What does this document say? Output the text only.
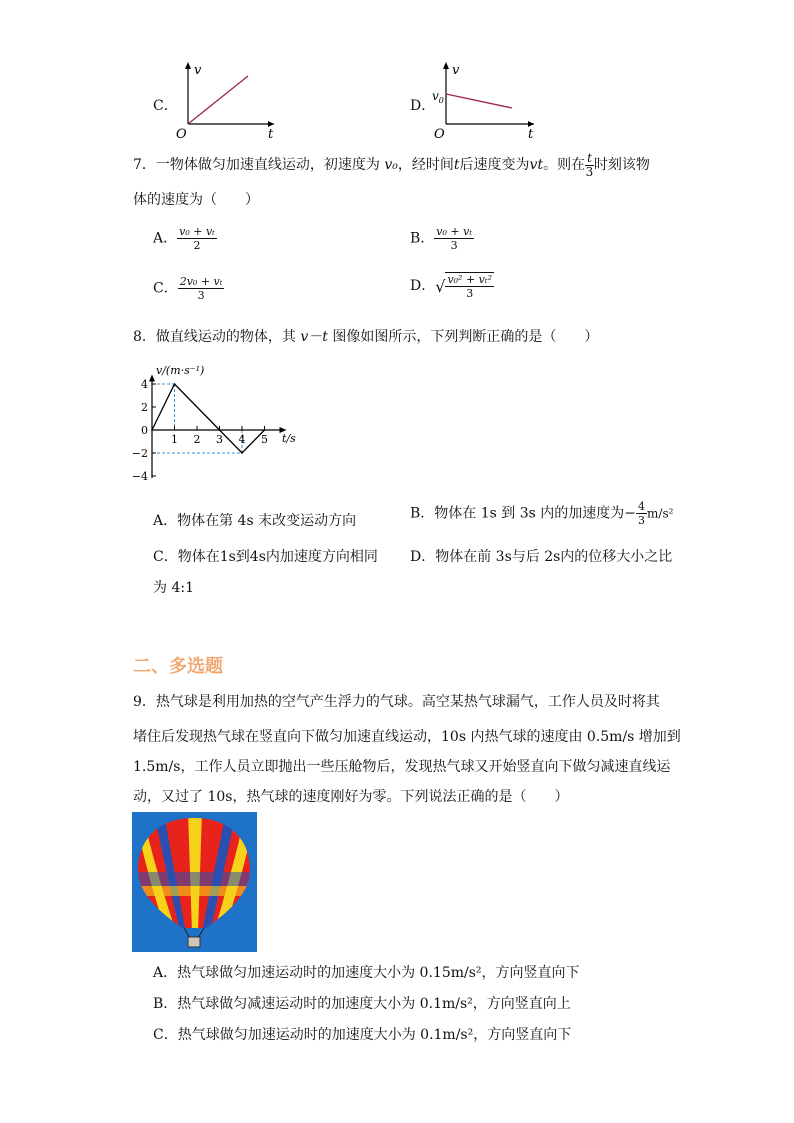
C．
v
O	t
D．
v
$v_0$
O	t
7．一物体做匀加速直线运动，初速度为 v₀，经时间t后速度变为vt。则在 $\frac{t}{3}$ 时刻该物
体的速度为（　　）
A． $\frac{\text{v₀ + vₜ}}{2}$	B． $\frac{\text{v₀ + vₜ}}{3}$
C． $\frac{\text{2v₀ + vₜ}}{3}$	D．√ $\frac{\text{v₀² + vₜ²}}{3}$
8．做直线运动的物体，其 v－t 图像如图所示，下列判断正确的是（　　）
4
2
0
−2
−4
1 2 3 4 5
v/(m·s⁻¹)
t/s
A．物体在第 4s 末改变运动方向	B．物体在 1s 到 3s 内的加速度为− $\frac{4}{3} m/s^2$
C．物体在1s到4s内加速度方向相同 D．物体在前 3s与后 2s内的位移大小之比
为 4:1
二、多选题
9．热气球是利用加热的空气产生浮力的气球。高空某热气球漏气，工作人员及时将其
堵住后发现热气球在竖直向下做匀加速直线运动，10s 内热气球的速度由 0.5m/s 增加到
1.5m/s，工作人员立即抛出一些压舱物后，发现热气球又开始竖直向下做匀减速直线运
动，又过了 10s，热气球的速度刚好为零。下列说法正确的是（　　）
A．热气球做匀加速运动时的加速度大小为 0.15m/s²，方向竖直向下
B．热气球做匀减速运动时的加速度大小为 0.1m/s²，方向竖直向上
C．热气球做匀加速运动时的加速度大小为 0.1m/s²，方向竖直向下
